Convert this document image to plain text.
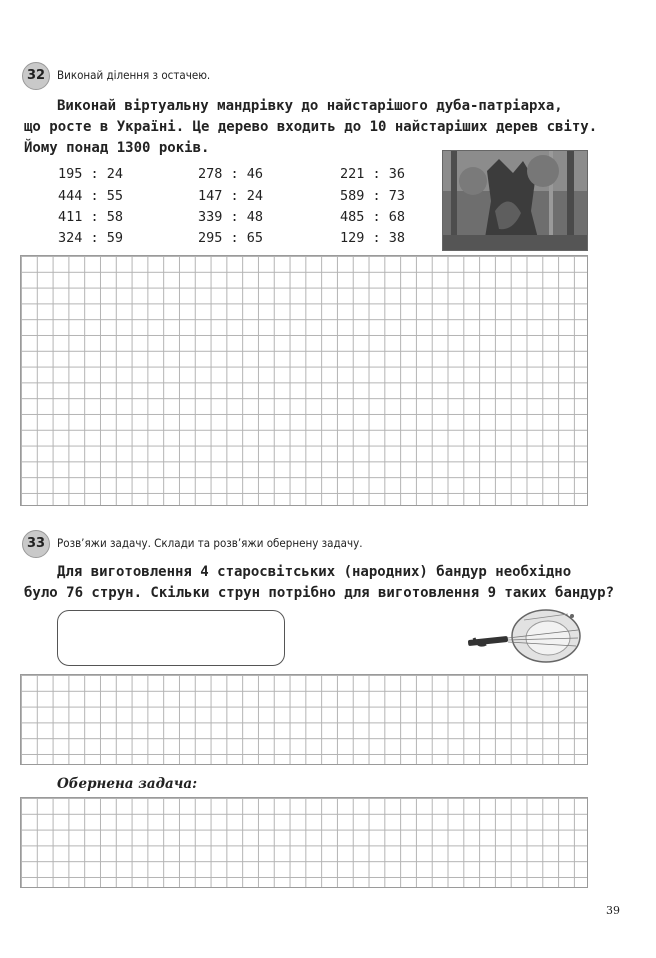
32	Виконай ділення з остачею.
Виконай віртуальну мандрівку до найстарішого дуба-патріарха,
що росте в Україні. Це дерево входить до 10 найстаріших дерев світу.
Йому понад 1300 років.
195 : 24	278 : 46	221 : 36
444 : 55	147 : 24	589 : 73
411 : 58	339 : 48	485 : 68
324 : 59	295 : 65	129 : 38
33	Розв’яжи задачу. Склади та розв’яжи обернену задачу.
Для виготовлення 4 старосвітських (народних) бандур необхідно
було 76 струн. Скільки струн потрібно для виготовлення 9 таких бандур?
Обернена задача:
39
